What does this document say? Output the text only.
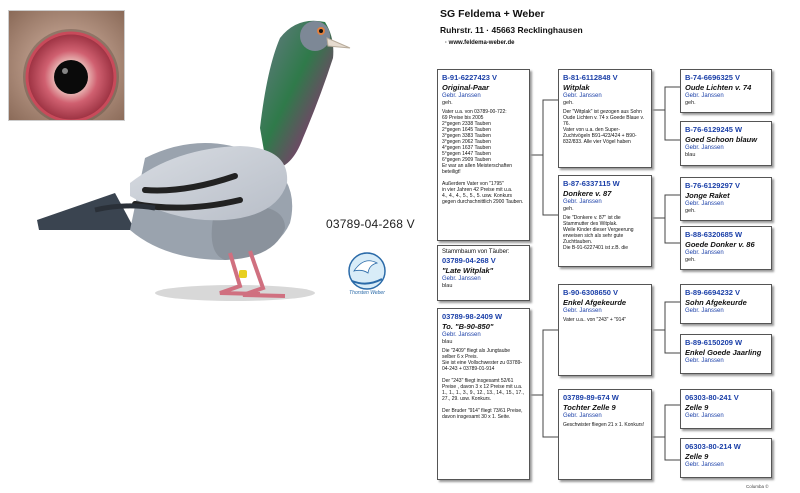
03789-04-268 V
Thorsten Weber
SG Feldema + Weber
Ruhrstr. 11 · 45663 Recklinghausen
· www.feldema-weber.de
B-91-6227423 V
Original-Paar
Gebr. Janssen
geh.
Vater u.a. von 03789-00-722:
69 Preise bis 2005
2°gegen 2338 Tauben
2°gegen 1645 Tauben
3°gegen 3383 Tauben
3°gegen 2062 Tauben
4°gegen 1637 Tauben
5°gegen 1447 Tauben
6°gegen 2909 Tauben
Er war an allen Meisterschaften beteiligt!

Außerdem Vater von "1795"
in vier Jahren 42 Preise mit u.a.
4., 4., 4., 5., 5., 5. usw. Konkurs
gegen durchschnittlich 2900 Tauben.
Stammbaum von Täuber:
03789-04-268 V
"Late Witplak"
Gebr. Janssen
blau
03789-98-2409 W
To. "B-90-850"
Gebr. Janssen
blau
Die "2409" fliegt als Jungtaube selber 6 x Preis.
Sie ist eine Vollschwester zu 03789-04-243 + 03789-01-914

Der "243" fliegt insgesamt 52/61 Preise , davon 3 x 12 Preise mit u.a. 1., 1., 1., 3., 9., 12., 13., 14., 15., 17., 27., 29. usw. Konkurs.

Der Bruder "914" fliegt 73/61 Preise, davon insgesamt 30 x 1. Seite.
B-81-6112848 V
Witplak
Gebr. Janssen
geh.
Der "Witplak" ist gezogen aus Sohn Oude Lichten v. 74 x Goede Blaue v. 76.
Vater von u.a. den Super-Zuchtvögeln B91-423/424 + B90-832/833. Alle vier Vögel haben
B-87-6337115 W
Donkere v. 87
Gebr. Janssen
geh.
Die "Donkere v. 87" ist die Stammutter des Witplak.
Weile Kinder dieser Vergeerung erweisen sich als sehr gute Zuchttauben.
Die B-91-6227401 ist z.B. die
B-90-6308650 V
Enkel Afgekeurde
Gebr. Janssen
Vater u.a.. von "243" + "914"
03789-89-674 W
Tochter Zelle 9
Gebr. Janssen
Geschwister fliegen 21 x 1. Konkurs!
B-74-6696325 V
Oude Lichten v. 74
Gebr. Janssen
geh.
B-76-6129245 W
Goed Schoon blauw
Gebr. Janssen
blau
B-76-6129297 V
Jonge Raket
Gebr. Janssen
geh.
B-88-6320685 W
Goede Donker v. 86
Gebr. Janssen
geh.
B-89-6694232 V
Sohn Afgekeurde
Gebr. Janssen
B-89-6150209 W
Enkel Goede Jaarling
Gebr. Janssen
06303-80-241 V
Zelle 9
Gebr. Janssen
06303-80-214 W
Zelle 9
Gebr. Janssen
Columba ©
